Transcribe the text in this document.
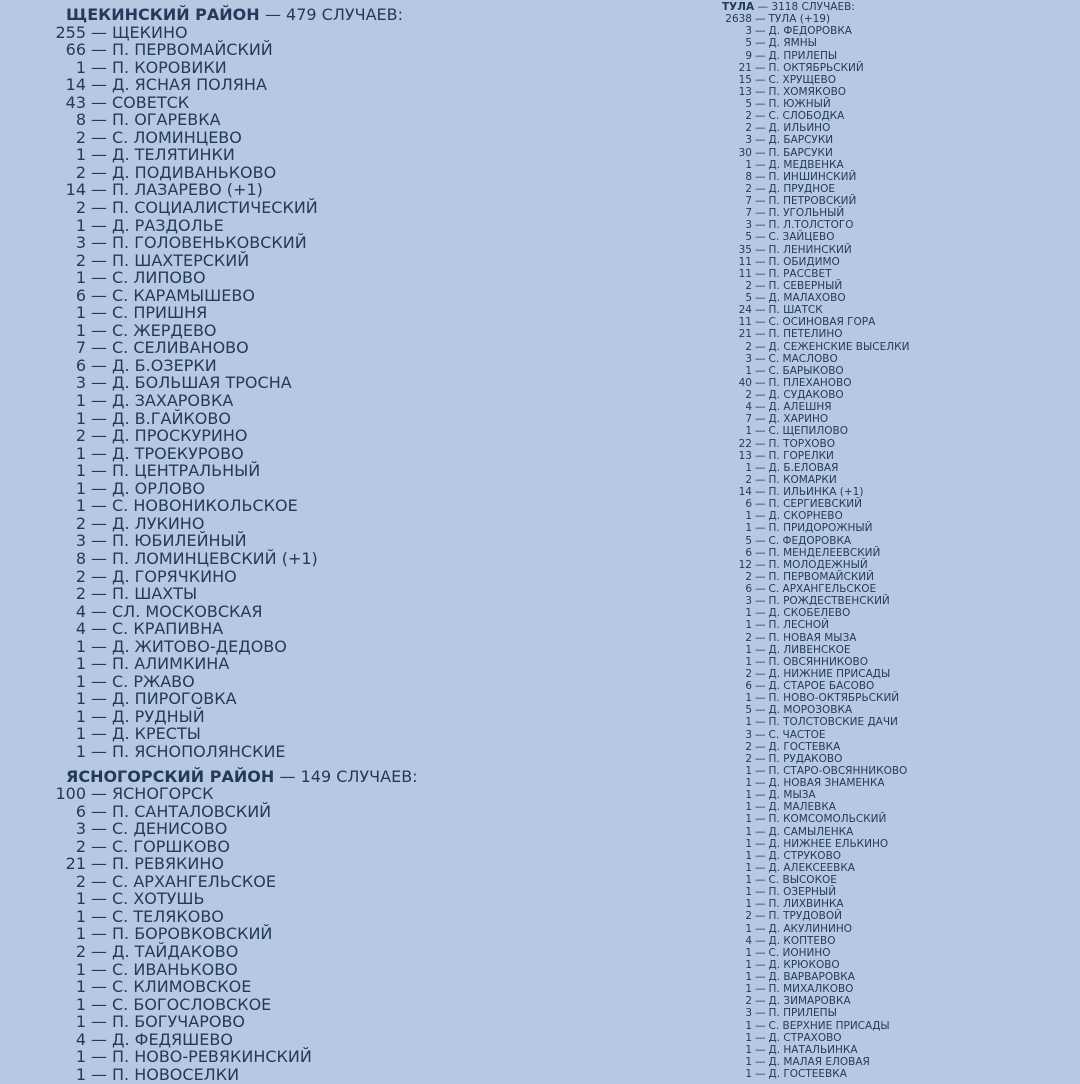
ЩЕКИНСКИЙ РАЙОН — 479 СЛУЧАЕВ:
255 — ЩЕКИНО
66 — П. ПЕРВОМАЙСКИЙ
1 — П. КОРОВИКИ
14 — Д. ЯСНАЯ ПОЛЯНА
43 — СОВЕТСК
8 — П. ОГАРЕВКА
2 — С. ЛОМИНЦЕВО
1 — Д. ТЕЛЯТИНКИ
2 — Д. ПОДИВАНЬКОВО
14 — П. ЛАЗАРЕВО (+1)
2 — П. СОЦИАЛИСТИЧЕСКИЙ
1 — Д. РАЗДОЛЬЕ
3 — П. ГОЛОВЕНЬКОВСКИЙ
2 — П. ШАХТЕРСКИЙ
1 — С. ЛИПОВО
6 — С. КАРАМЫШЕВО
1 — С. ПРИШНЯ
1 — С. ЖЕРДЕВО
7 — С. СЕЛИВАНОВО
6 — Д. Б.ОЗЕРКИ
3 — Д. БОЛЬШАЯ ТРОСНА
1 — Д. ЗАХАРОВКА
1 — Д. В.ГАЙКОВО
2 — Д. ПРОСКУРИНО
1 — Д. ТРОЕКУРОВО
1 — П. ЦЕНТРАЛЬНЫЙ
1 — Д. ОРЛОВО
1 — С. НОВОНИКОЛЬСКОЕ
2 — Д. ЛУКИНО
3 — П. ЮБИЛЕЙНЫЙ
8 — П. ЛОМИНЦЕВСКИЙ (+1)
2 — Д. ГОРЯЧКИНО
2 — П. ШАХТЫ
4 — СЛ. МОСКОВСКАЯ
4 — С. КРАПИВНА
1 — Д. ЖИТОВО-ДЕДОВО
1 — П. АЛИМКИНА
1 — С. РЖАВО
1 — Д. ПИРОГОВКА
1 — Д. РУДНЫЙ
1 — Д. КРЕСТЫ
1 — П. ЯСНОПОЛЯНСКИЕ
ЯСНОГОРСКИЙ РАЙОН — 149 СЛУЧАЕВ:
100 — ЯСНОГОРСК
6 — П. САНТАЛОВСКИЙ
3 — С. ДЕНИСОВО
2 — С. ГОРШКОВО
21 — П. РЕВЯКИНО
2 — С. АРХАНГЕЛЬСКОЕ
1 — С. ХОТУШЬ
1 — С. ТЕЛЯКОВО
1 — П. БОРОВКОВСКИЙ
2 — Д. ТАЙДАКОВО
1 — С. ИВАНЬКОВО
1 — С. КЛИМОВСКОЕ
1 — С. БОГОСЛОВСКОЕ
1 — П. БОГУЧАРОВО
4 — Д. ФЕДЯШЕВО
1 — П. НОВО-РЕВЯКИНСКИЙ
1 — П. НОВОСЕЛКИ
ТУЛА — 3118 СЛУЧАЕВ:
2638 — ТУЛА (+19)
3 — Д. ФЕДОРОВКА
5 — Д. ЯМНЫ
9 — Д. ПРИЛЕПЫ
21 — П. ОКТЯБРЬСКИЙ
15 — С. ХРУЩЕВО
13 — П. ХОМЯКОВО
5 — П. ЮЖНЫЙ
2 — С. СЛОБОДКА
2 — Д. ИЛЬИНО
3 — Д. БАРСУКИ
30 — П. БАРСУКИ
1 — Д. МЕДВЕНКА
8 — П. ИНШИНСКИЙ
2 — Д. ПРУДНОЕ
7 — П. ПЕТРОВСКИЙ
7 — П. УГОЛЬНЫЙ
3 — П. Л.ТОЛСТОГО
5 — С. ЗАЙЦЕВО
35 — П. ЛЕНИНСКИЙ
11 — П. ОБИДИМО
11 — П. РАССВЕТ
2 — П. СЕВЕРНЫЙ
5 — Д. МАЛАХОВО
24 — П. ШАТСК
11 — С. ОСИНОВАЯ ГОРА
21 — П. ПЕТЕЛИНО
2 — Д. СЕЖЕНСКИЕ ВЫСЕЛКИ
3 — С. МАСЛОВО
1 — С. БАРЫКОВО
40 — П. ПЛЕХАНОВО
2 — Д. СУДАКОВО
4 — Д. АЛЕШНЯ
7 — Д. ХАРИНО
1 — С. ЩЕПИЛОВО
22 — П. ТОРХОВО
13 — П. ГОРЕЛКИ
1 — Д. Б.ЕЛОВАЯ
2 — П. КОМАРКИ
14 — П. ИЛЬИНКА (+1)
6 — П. СЕРГИЕВСКИЙ
1 — Д. СКОРНЕВО
1 — П. ПРИДОРОЖНЫЙ
5 — С. ФЕДОРОВКА
6 — П. МЕНДЕЛЕЕВСКИЙ
12 — П. МОЛОДЕЖНЫЙ
2 — П. ПЕРВОМАЙСКИЙ
6 — С. АРХАНГЕЛЬСКОЕ
3 — П. РОЖДЕСТВЕНСКИЙ
1 — Д. СКОБЕЛЕВО
1 — П. ЛЕСНОЙ
2 — П. НОВАЯ МЫЗА
1 — Д. ЛИВЕНСКОЕ
1 — П. ОВСЯННИКОВО
2 — Д. НИЖНИЕ ПРИСАДЫ
6 — Д. СТАРОЕ БАСОВО
1 — П. НОВО-ОКТЯБРЬСКИЙ
5 — Д. МОРОЗОВКА
1 — П. ТОЛСТОВСКИЕ ДАЧИ
3 — С. ЧАСТОЕ
2 — Д. ГОСТЕВКА
2 — П. РУДАКОВО
1 — П. СТАРО-ОВСЯННИКОВО
1 — Д. НОВАЯ ЗНАМЕНКА
1 — Д. МЫЗА
1 — Д. МАЛЕВКА
1 — П. КОМСОМОЛЬСКИЙ
1 — Д. САМЫЛЕНКА
1 — Д. НИЖНЕЕ ЕЛЬКИНО
1 — Д. СТРУКОВО
1 — Д. АЛЕКСЕЕВКА
1 — С. ВЫСОКОЕ
1 — П. ОЗЕРНЫЙ
1 — П. ЛИХВИНКА
2 — П. ТРУДОВОЙ
1 — Д. АКУЛИНИНО
4 — Д. КОПТЕВО
1 — С. ИОНИНО
1 — Д. КРЮКОВО
1 — Д. ВАРВАРОВКА
1 — П. МИХАЛКОВО
2 — Д. ЗИМАРОВКА
3 — П. ПРИЛЕПЫ
1 — С. ВЕРХНИЕ ПРИСАДЫ
1 — Д. СТРАХОВО
1 — Д. НАТАЛЬИНКА
1 — Д. МАЛАЯ ЕЛОВАЯ
1 — Д. ГОСТЕЕВКА
